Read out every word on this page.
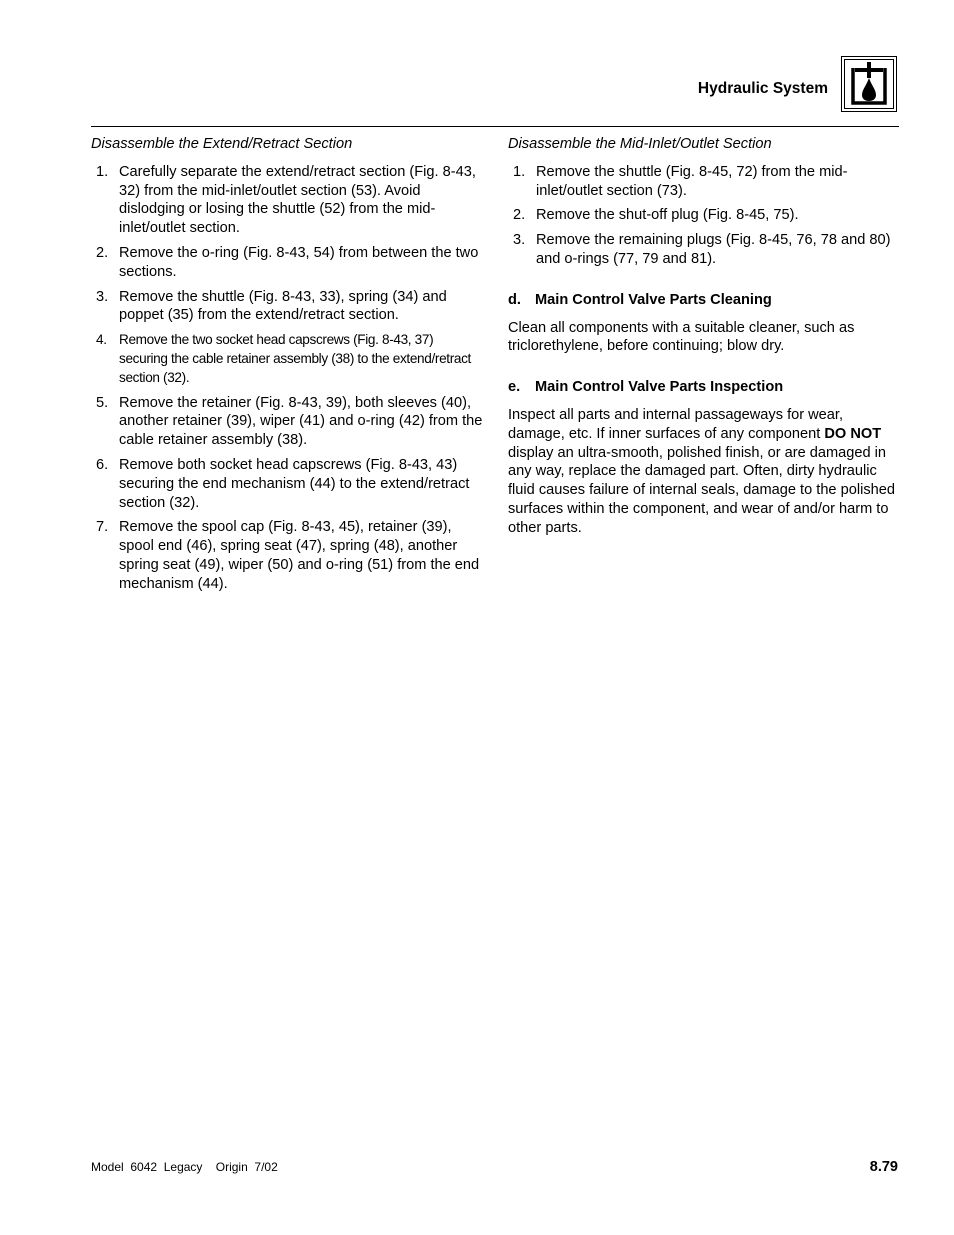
Hydraulic System
Disassemble the Extend/Retract Section
1. Carefully separate the extend/retract section (Fig. 8-43, 32) from the mid-inlet/outlet section (53). Avoid dislodging or losing the shuttle (52) from the mid-inlet/outlet section.
2. Remove the o-ring (Fig. 8-43, 54) from between the two sections.
3. Remove the shuttle (Fig. 8-43, 33), spring (34) and poppet (35) from the extend/retract section.
4. Remove the two socket head capscrews (Fig. 8-43, 37) securing the cable retainer assembly (38) to the extend/retract section (32).
5. Remove the retainer (Fig. 8-43, 39), both sleeves (40), another retainer (39), wiper (41) and o-ring (42) from the cable retainer assembly (38).
6. Remove both socket head capscrews (Fig. 8-43, 43) securing the end mechanism (44) to the extend/retract section (32).
7. Remove the spool cap (Fig. 8-43, 45), retainer (39), spool end (46), spring seat (47), spring (48), another spring seat (49), wiper (50) and o-ring (51) from the end mechanism (44).
Disassemble the Mid-Inlet/Outlet Section
1. Remove the shuttle (Fig. 8-45, 72) from the mid-inlet/outlet section (73).
2. Remove the shut-off plug (Fig. 8-45, 75).
3. Remove the remaining plugs (Fig. 8-45, 76, 78 and 80) and o-rings (77, 79 and 81).
d. Main Control Valve Parts Cleaning

Clean all components with a suitable cleaner, such as triclorethylene, before continuing; blow dry.

e. Main Control Valve Parts Inspection

Inspect all parts and internal passageways for wear, damage, etc. If inner surfaces of any component DO NOT display an ultra-smooth, polished finish, or are damaged in any way, replace the damaged part. Often, dirty hydraulic fluid causes failure of internal seals, damage to the polished surfaces within the component, and wear of and/or harm to other parts.

Model  6042  Legacy    Origin  7/02	8.79
